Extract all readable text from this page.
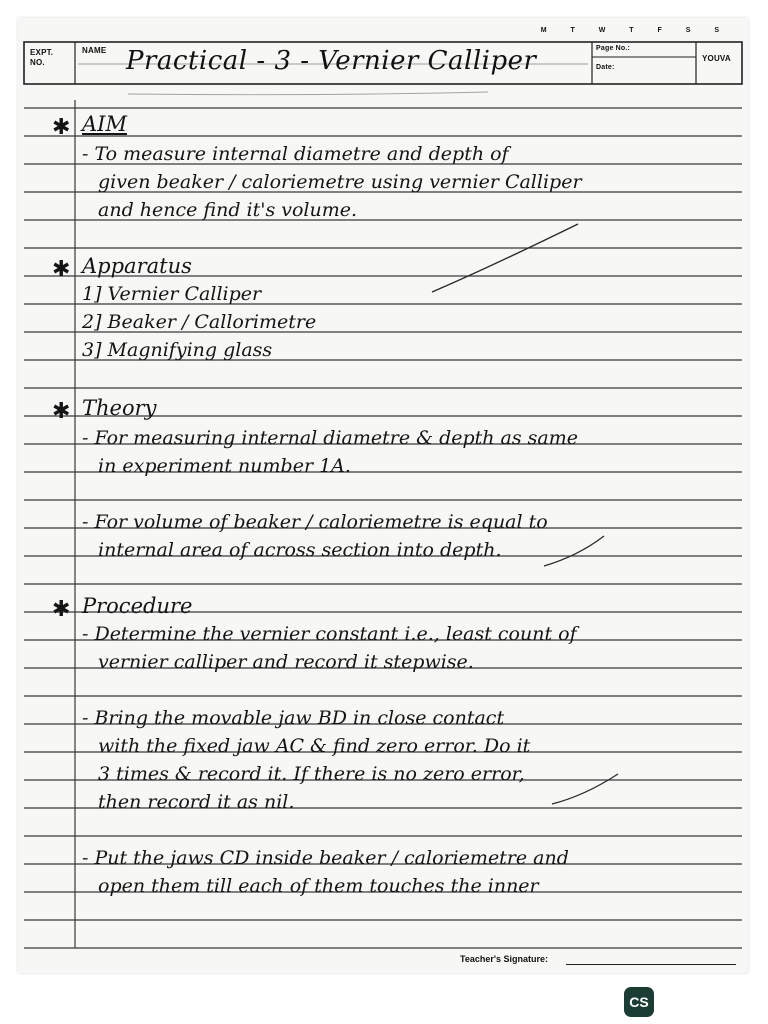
M T W T F S S
EXPT. NO.
NAME	Page No.:
Date:
YOUVA
Practical - 3 - Vernier Calliper
✱ AIM
- To measure internal diametre and depth of
given beaker / caloriemetre using vernier Calliper
and hence find it's volume.
✱ Apparatus
1] Vernier Calliper
2] Beaker / Callorimetre
3] Magnifying glass
✱ Theory
- For measuring internal diametre & depth as same
in experiment number 1A.
- For volume of beaker / caloriemetre is equal to
internal area of across section into depth.
✱ Procedure
- Determine the vernier constant i.e., least count of
vernier calliper and record it stepwise.
- Bring the movable jaw BD in close contact
with the fixed jaw AC & find zero error. Do it
3 times & record it. If there is no zero error,
then record it as nil.
- Put the jaws CD inside beaker / caloriemetre and
open them till each of them touches the inner
Teacher's Signature:
CS
